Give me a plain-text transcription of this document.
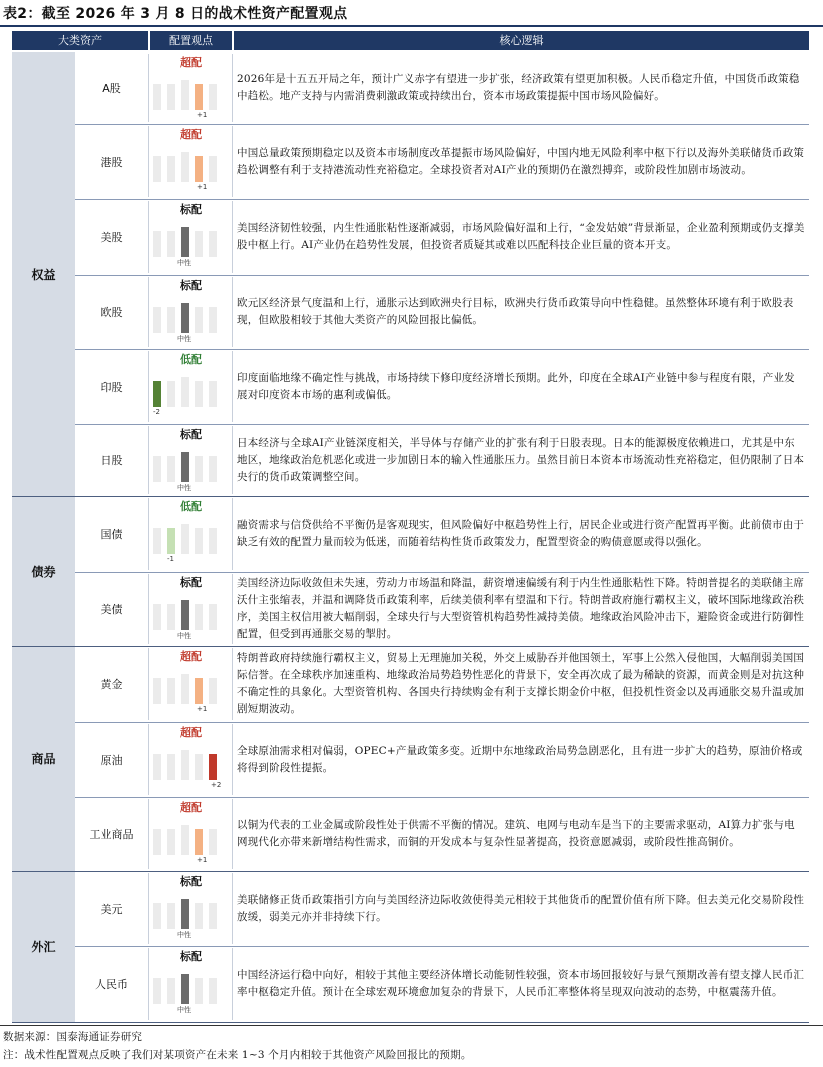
表2：截至 2026 年 3 月 8 日的战术性资产配置观点
大类资产	配置观点	核心逻辑
权益
A股
超配
+1
2026年是十五五开局之年，预计广义赤字有望进一步扩张，经济政策有望更加积极。人民币稳定升值，中国货币政策稳中趋松。地产支持与内需消费刺激政策或持续出台，资本市场政策提振中国市场风险偏好。
港股
超配
+1
中国总量政策预期稳定以及资本市场制度改革提振市场风险偏好，中国内地无风险利率中枢下行以及海外美联储货币政策趋松调整有利于支持港流动性充裕稳定。全球投资者对AI产业的预期仍在激烈搏弈，或阶段性加剧市场波动。
美股
标配
中性
美国经济韧性较强，内生性通胀粘性逐渐减弱，市场风险偏好温和上行，“金发姑娘”背景渐显，企业盈利预期或仍支撑美股中枢上行。AI产业仍在趋势性发展，但投资者质疑其或难以匹配科技企业巨量的资本开支。
欧股
标配
中性
欧元区经济景气度温和上行，通胀示达到欧洲央行目标，欧洲央行货币政策导向中性稳健。虽然整体环境有利于欧股表现，但欧股相较于其他大类资产的风险回报比偏低。
印股
低配
-2
印度面临地缘不确定性与挑战，市场持续下修印度经济增长预期。此外，印度在全球AI产业链中参与程度有限，产业发展对印度资本市场的惠利或偏低。
日股
标配
中性
日本经济与全球AI产业链深度相关，半导体与存储产业的扩张有利于日股表现。日本的能源极度依赖进口，尤其是中东地区，地缘政治危机恶化或进一步加剧日本的输入性通胀压力。虽然目前日本资本市场流动性充裕稳定，但仍限制了日本央行的货币政策调整空间。
债券
国债
低配
-1
融资需求与信贷供给不平衡仍是客观现实，但风险偏好中枢趋势性上行，居民企业或进行资产配置再平衡。此前债市由于缺乏有效的配置力量而较为低迷，而随着结构性货币政策发力，配置型资金的购债意愿或得以强化。
美债
标配
中性
美国经济边际收敛但未失速，劳动力市场温和降温，薪资增速偏缓有利于内生性通胀粘性下降。特朗普提名的美联储主席沃什主张缩表，并温和调降货币政策利率，后续美债利率有望温和下行。特朗普政府施行霸权主义，破坏国际地缘政治秩序，美国主权信用被大幅削弱，全球央行与大型资管机构趋势性减持美债。地缘政治风险冲击下，避险资金或进行防御性配置，但受到再通胀交易的掣肘。
商品
黄金
超配
+1
特朗普政府持续施行霸权主义，贸易上无理施加关税，外交上威胁吞并他国领土，军事上公然入侵他国，大幅削弱美国国际信誉。在全球秩序加速重构、地缘政治局势趋势性恶化的背景下，安全再次成了最为稀缺的资源，而黄金则是对抗这种不确定性的具象化。大型资管机构、各国央行持续购金有利于支撑长期金价中枢，但投机性资金以及再通胀交易升温或加剧短期波动。
原油
超配
+2
全球原油需求相对偏弱，OPEC+产量政策多变。近期中东地缘政治局势急剧恶化，且有进一步扩大的趋势，原油价格或将得到阶段性提振。
工业商品
超配
+1
以铜为代表的工业金属或阶段性处于供需不平衡的情况。建筑、电网与电动车是当下的主要需求驱动，AI算力扩张与电网现代化亦带来新增结构性需求，而铜的开发成本与复杂性显著提高，投资意愿减弱，或阶段性推高铜价。
外汇
美元
标配
中性
美联储修正货币政策指引方向与美国经济边际收敛使得美元相较于其他货币的配置价值有所下降。但去美元化交易阶段性放缓，弱美元亦并非持续下行。
人民币
标配
中性
中国经济运行稳中向好，相较于其他主要经济体增长动能韧性较强，资本市场回报较好与景气预期改善有望支撑人民币汇率中枢稳定升值。预计在全球宏观环境愈加复杂的背景下，人民币汇率整体将呈现双向波动的态势，中枢震荡升值。
数据来源：国泰海通证券研究
注：战术性配置观点反映了我们对某项资产在未来 1~3 个月内相较于其他资产风险回报比的预期。
